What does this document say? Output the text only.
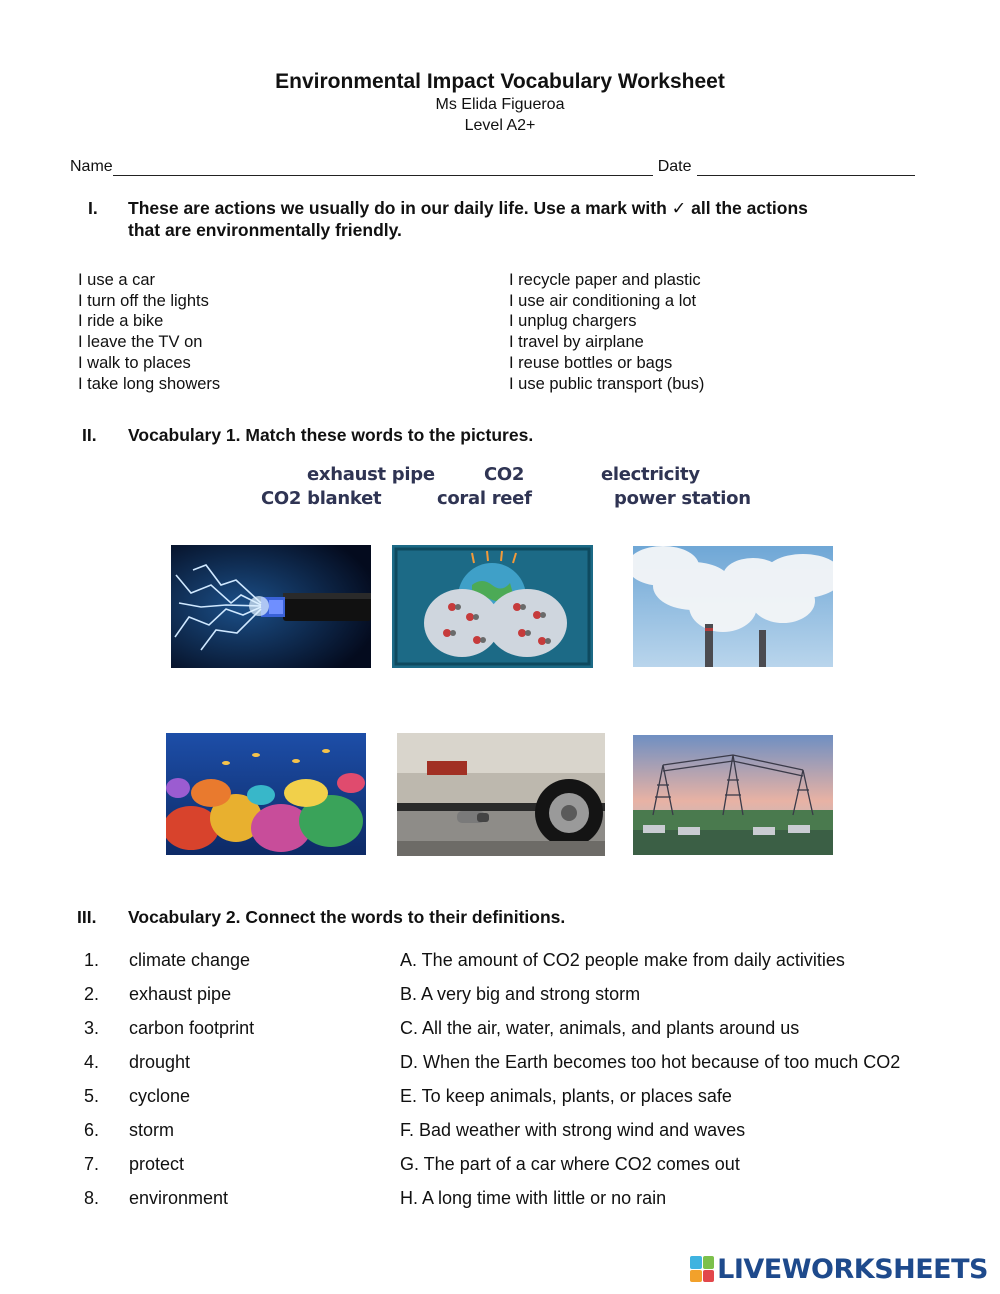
Environmental Impact Vocabulary Worksheet
Ms Elida Figueroa
Level A2+
Name	Date
I.	These are actions we usually do in our daily life. Use a mark with ✓ all the actions
that are environmentally friendly.
I use a car
I turn off the lights
I ride a bike
I leave the TV on
I walk to places
I take long showers
I recycle paper and plastic
I use air conditioning a lot
I unplug chargers
I travel by airplane
I reuse bottles or bags
I use public transport (bus)
II.	Vocabulary 1. Match these words to the pictures.
exhaust pipe	CO2	electricity
CO2 blanket	coral reef	power station
III.	Vocabulary 2. Connect the words to their definitions.
1. climate change	A. The amount of CO2 people make from daily activities
2. exhaust pipe	B. A very big and strong storm
3. carbon footprint	C. All the air, water, animals, and plants around us
4. drought	D. When the Earth becomes too hot because of too much CO2
5. cyclone	E. To keep animals, plants, or places safe
6. storm	F. Bad weather with strong wind and waves
7. protect	G. The part of a car where CO2 comes out
8. environment	H. A long time with little or no rain
LIVEWORKSHEETS
